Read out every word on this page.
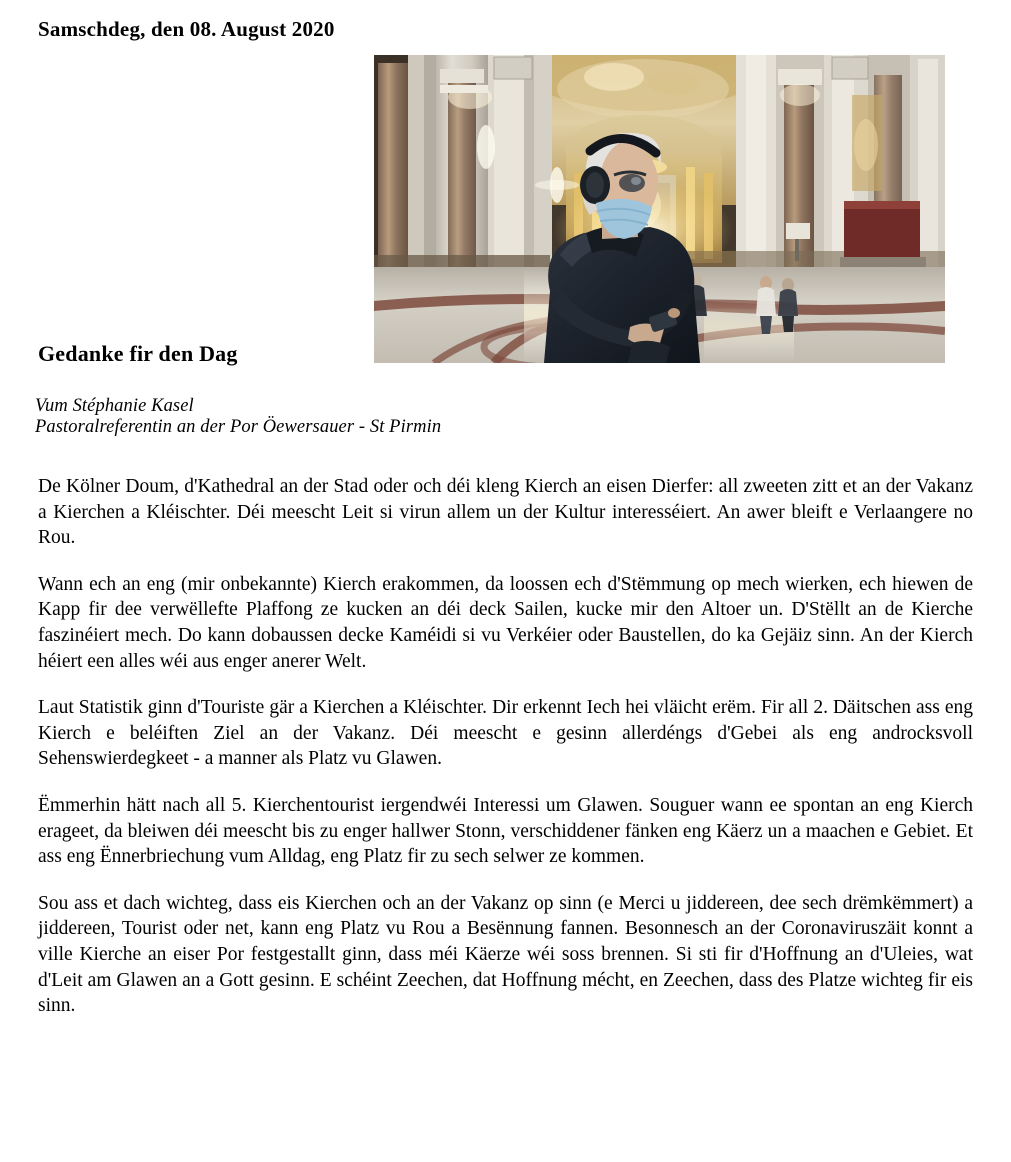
Samschdeg, den 08. August 2020
Gedanke fir den Dag
Vum Stéphanie Kasel
Pastoralreferentin an der Por Öewersauer - St Pirmin

De Kölner Doum, d'Kathedral an der Stad oder och déi kleng Kierch an eisen Dierfer: all zweeten zitt et an der Vakanz a Kierchen a Kléischter. Déi meescht Leit si virun allem un der Kultur interesséiert. An awer bleift e Verlaangere no Rou.

Wann ech an eng (mir onbekannte) Kierch erakommen, da loossen ech d'Stëmmung op mech wierken, ech hiewen de Kapp fir dee verwëllefte Plaffong ze kucken an déi deck Sailen, kucke mir den Altoer un. D'Stëllt an de Kierche faszinéiert mech. Do kann dobaussen decke Kaméidi si vu Verkéier oder Baustellen, do ka Gejäiz sinn. An der Kierch héiert een alles wéi aus enger anerer Welt.

Laut Statistik ginn d'Touriste gär a Kierchen a Kléischter. Dir erkennt Iech hei vläicht erëm. Fir all 2. Däitschen ass eng Kierch e beléiften Ziel an der Vakanz. Déi meescht e gesinn allerdéngs d'Gebei als eng androcksvoll Sehenswierdegkeet - a manner als Platz vu Glawen.

Ëmmerhin hätt nach all 5. Kierchentourist iergendwéi Interessi um Glawen. Souguer wann ee spontan an eng Kierch erageet, da bleiwen déi meescht bis zu enger hallwer Stonn, verschiddener fänken eng Käerz un a maachen e Gebiet. Et ass eng Ënnerbriechung vum Alldag, eng Platz fir zu sech selwer ze kommen.

Sou ass et dach wichteg, dass eis Kierchen och an der Vakanz op sinn (e Merci u jiddereen, dee sech drëmkëmmert) a jiddereen, Tourist oder net, kann eng Platz vu Rou a Besënnung fannen. Besonnesch an der Coronaviruszäit konnt a ville Kierche an eiser Por festgestallt ginn, dass méi Käerze wéi soss brennen. Si sti fir d'Hoffnung an d'Uleies, wat d'Leit am Glawen an a Gott gesinn. E schéint Zeechen, dat Hoffnung mécht, en Zeechen, dass des Platze wichteg fir eis sinn.
